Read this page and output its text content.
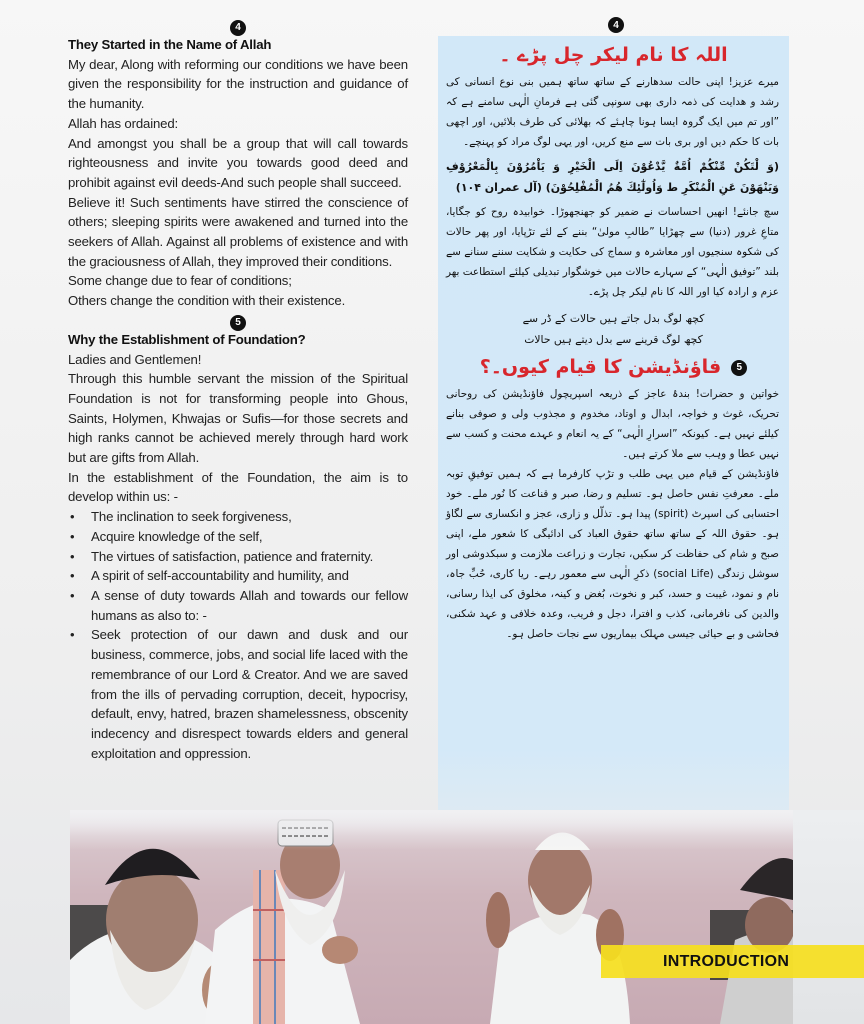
4
They Started in the Name of Allah

My dear, Along with reforming our conditions we have been given the responsibility for the instruction and guidance of the humanity.

Allah has ordained:

And amongst you shall be a group that will call towards righteousness and invite you towards good deed and prohibit against evil deeds-And such people shall succeed.

Believe it! Such sentiments have stirred the conscience of others; sleeping spirits were awakened and turned into the seekers of Allah. Against all problems of existence and with the graciousness of Allah, they improved their conditions.

Some change due to fear of conditions;

Others change the condition with their existence.

5
Why the Establishment of Foundation?

Ladies and Gentlemen!

Through this humble servant the mission of the Spiritual Foundation is not for transforming people into Ghous, Saints, Holymen, Khwajas or Sufis—for those secrets and high ranks cannot be achieved merely through hard work but are gifts from Allah.

In the establishment of the Foundation, the aim is to develop within us: -

• The inclination to seek forgiveness,
• Acquire knowledge of the self,
• The virtues of satisfaction, patience and fraternity.
• A spirit of self-accountability and humility, and
• A sense of duty towards Allah and towards our fellow humans as also to: -
• Seek protection of our dawn and dusk and our business, commerce, jobs, and social life laced with the remembrance of our Lord & Creator. And we are saved from the ills of pervading corruption, deceit, hypocrisy, default, envy, hatred, brazen shamelessness, obscenity indecency and disrespect towards elders and general exploitation and oppression.
4
اللہ کا نام لیکر چل پڑے ۔

میرے عزیز! اپنی حالت سدھارنے کے ساتھ ساتھ ہمیں بنی نوع انسانی کی رشد و ھدایت کی ذمہ داری بھی سونپی گئی ہے فرمانِ الٰہی سامنے ہے کہ ”اور تم میں ایک گروہ ایسا ہونا چاہئے کہ بھلائی کی طرف بلائیں، اور اچھی بات کا حکم دیں اور بری بات سے منع کریں، اور یہی لوگ مراد کو پہنچے۔

(وَ لْتَكُنْ مِّنْكُمْ اُمَّةٌ يَّدْعُوْنَ اِلَى الْخَيْرِ وَ يَاْمُرُوْنَ بِالْمَعْرُوْفِ وَيَنْهَوْنَ عَنِ الْمُنْكَرِ ط وَاُولٰٓئِكَ هُمُ الْمُفْلِحُوْنَ) (آل عمران ۱۰۴)

سچ جانئے! انھیں احساسات نے ضمیر کو جھنجھوڑا۔ خوابیدہ روح کو جگایا، متاعِ غرور (دنیا) سے چھڑایا ”طالبِ مولیٰ“ بننے کے لئے تڑپایا، اور پھر حالات کی شکوہ سنجیوں اور معاشرہ و سماج کی حکایت و شکایت سننے سنانے سے بلند ”توفیق الٰہی“ کے سہارے حالات میں خوشگوار تبدیلی کیلئے استطاعت بھر عزم و ارادہ کیا اور اللہ کا نام لیکر چل پڑے۔

کچھ لوگ بدل جاتے ہیں حالات کے ڈر سے
کچھ لوگ قرینے سے بدل دیتے ہیں حالات
5فاؤنڈیشن کا قیام کیوں۔؟

خواتین و حضرات! بندۂ عاجز کے ذریعہ اسپریچول فاؤنڈیشن کی روحانی تحریک، غوث و خواجہ، ابدال و اوتاد، مخدوم و مجذوب ولی و صوفی بنانے کیلئے نہیں ہے۔ کیونکہ ”اسرارِ الٰہی“ کے یہ انعام و عہدے محنت و کسب سے نہیں عطا و وہب سے ملا کرتے ہیں۔

فاؤنڈیشن کے قیام میں یہی طلب و تڑپ کارفرما ہے کہ ہمیں توفیقِ توبہ ملے۔ معرفتِ نفس حاصل ہو۔ تسلیم و رضا، صبر و قناعت کا نُور ملے۔ خود احتسابی کی اسپرٹ (spirit) پیدا ہو۔ تذلّل و زاری، عجز و انکساری سے لگاؤ ہو۔ حقوق اللہ کے ساتھ ساتھ حقوق العباد کی ادائیگی کا شعور ملے، اپنی صبح و شام کی حفاظت کر سکیں، تجارت و زراعت ملازمت و سبکدوشی اور سوشل زندگی (social Life) ذکرِ الٰہی سے معمور رہے۔ ریا کاری، حُبِّ جاہ، نام و نمود، غیبت و حسد، کبر و نخوت، بُغض و کینہ، مخلوق کی ایذا رسانی، والدین کی نافرمانی، کذب و افترا، دجل و فریب، وعدہ خلافی و عہد شکنی، فحاشی و بے حیائی جیسی مہلک بیماریوں سے نجات حاصل ہو۔

INTRODUCTION
